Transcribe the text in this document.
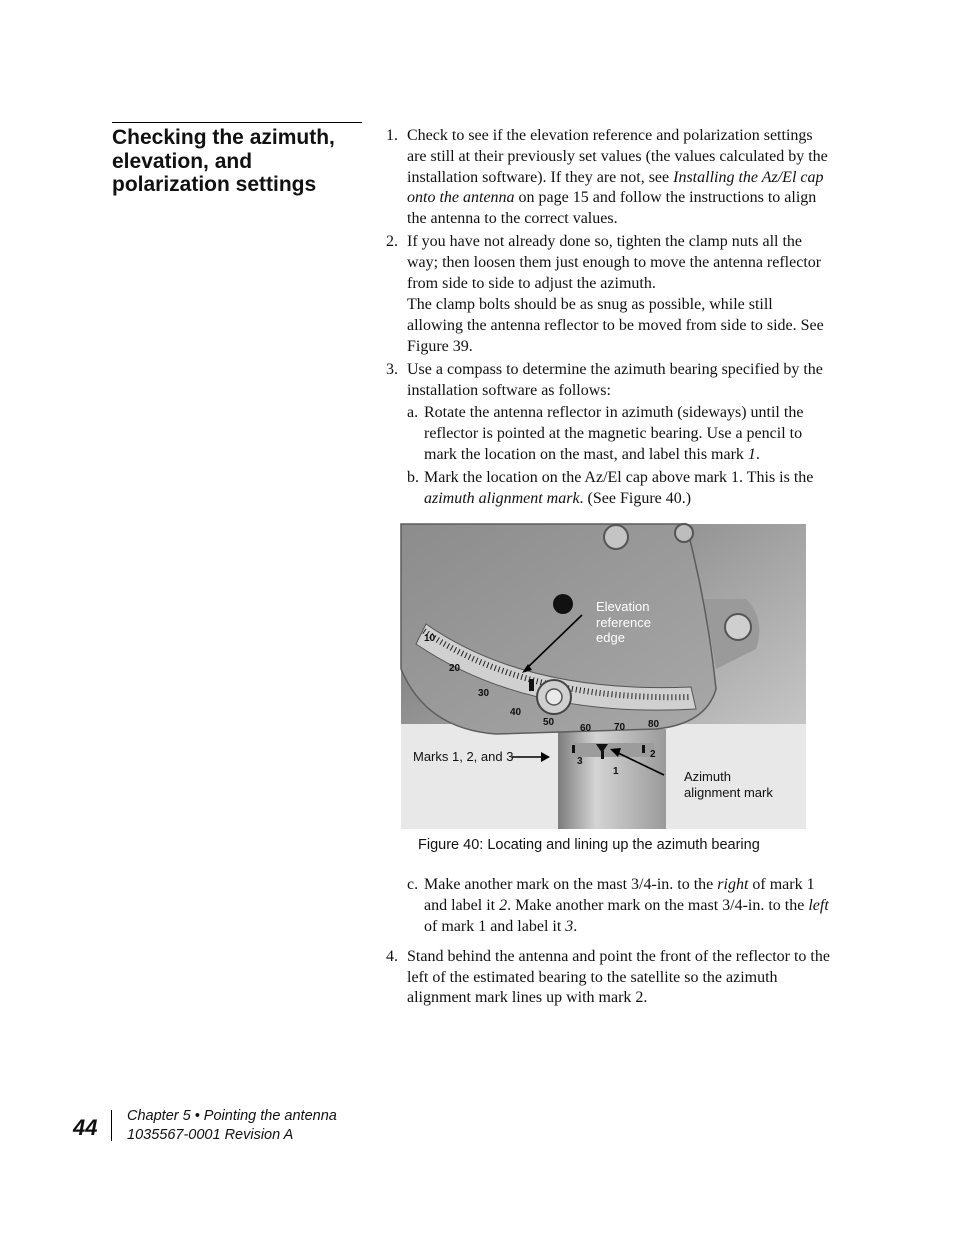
Checking the azimuth,
elevation, and
polarization settings
1. Check to see if the elevation reference and polarization settings are still at their previously set values (the values calculated by the installation software). If they are not, see Installing the Az/El cap onto the antenna on page 15 and follow the instructions to align the antenna to the correct values.

2. If you have not already done so, tighten the clamp nuts all the way; then loosen them just enough to move the antenna reflector from side to side to adjust the azimuth.

The clamp bolts should be as snug as possible, while still allowing the antenna reflector to be moved from side to side. See Figure 39.

3. Use a compass to determine the azimuth bearing specified by the installation software as follows:

a. Rotate the antenna reflector in azimuth (sideways) until the reflector is pointed at the magnetic bearing. Use a pencil to mark the location on the mast, and label this mark 1.

b. Mark the location on the Az/El cap above mark 1. This is the azimuth alignment mark. (See Figure 40.)

Elevation
reference
edge
Marks 1, 2, and 3
Azimuth
alignment mark
10
20
30
40
50
60 70 80
3
1
2
Figure 40: Locating and lining up the azimuth bearing
c. Make another mark on the mast 3/4-in. to the right of mark 1 and label it 2. Make another mark on the mast 3/4-in. to the left of mark 1 and label it 3.

4. Stand behind the antenna and point the front of the reflector to the left of the estimated bearing to the satellite so the azimuth alignment mark lines up with mark 2.

44 Chapter 5 • Pointing the antenna
1035567-0001 Revision A
